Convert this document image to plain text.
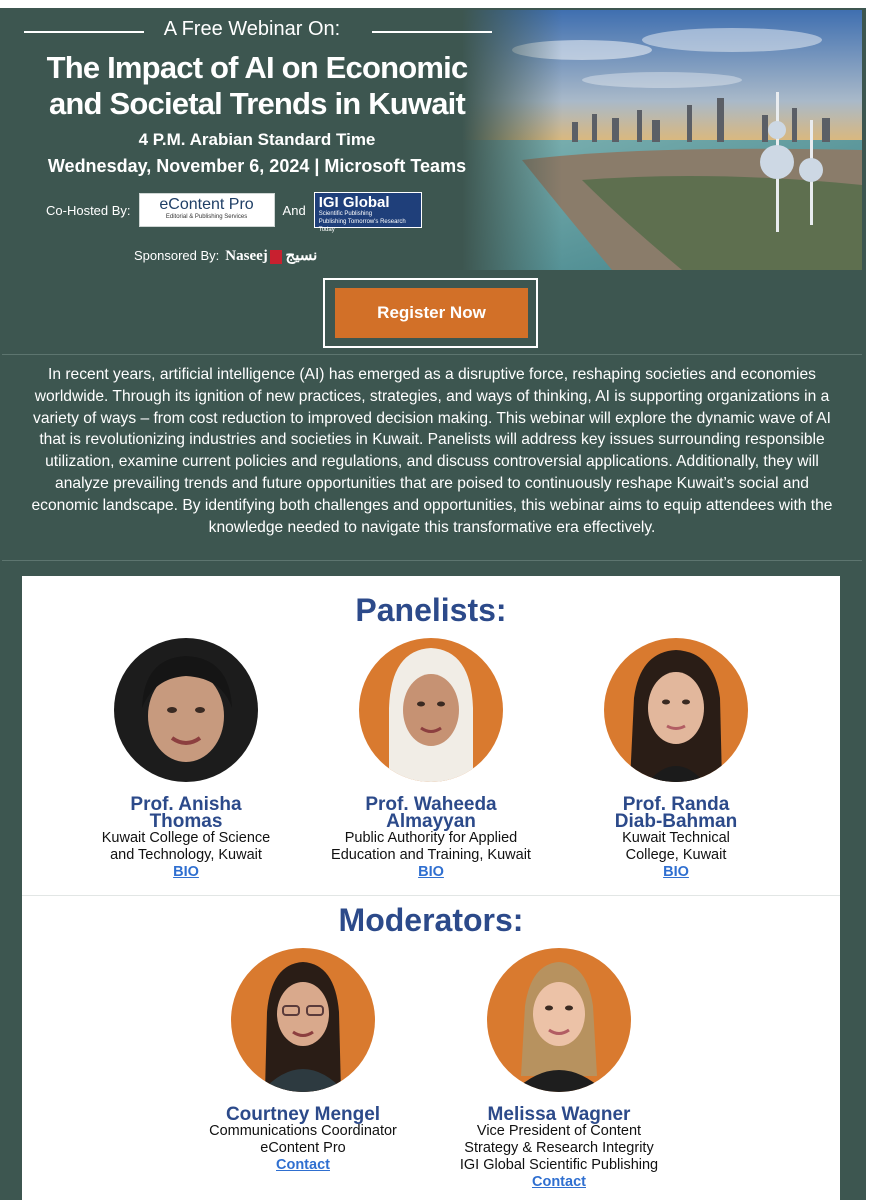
A Free Webinar On:
The Impact of AI on Economic
and Societal Trends in Kuwait
4 P.M. Arabian Standard Time
Wednesday, November 6, 2024 | Microsoft Teams
Co-Hosted By:	eContent Pro
Editorial & Publishing Services	And IGI Global
Scientific Publishing
Publishing Tomorrow's Research Today
Sponsored By: Naseej نسيج
Register Now

In recent years, artificial intelligence (AI) has emerged as a disruptive force, reshaping societies and economies worldwide. Through its ignition of new practices, strategies, and ways of thinking, AI is supporting organizations in a variety of ways – from cost reduction to improved decision making. This webinar will explore the dynamic wave of AI that is revolutionizing industries and societies in Kuwait. Panelists will address key issues surrounding responsible utilization, examine current policies and regulations, and discuss controversial applications. Additionally, they will analyze prevailing trends and future opportunities that are poised to continuously reshape Kuwait’s social and economic landscape. By identifying both challenges and opportunities, this webinar aims to equip attendees with the knowledge needed to navigate this transformative era effectively.

Panelists:
Prof. Anisha
Thomas
Kuwait College of Science
and Technology, Kuwait
BIO
Prof. Waheeda
Almayyan
Public Authority for Applied
Education and Training, Kuwait
BIO
Prof. Randa
Diab-Bahman
Kuwait Technical
College, Kuwait
BIO
Moderators:
Courtney Mengel
Communications Coordinator
eContent Pro
Contact
Melissa Wagner
Vice President of Content
Strategy & Research Integrity
IGI Global Scientific Publishing
Contact
